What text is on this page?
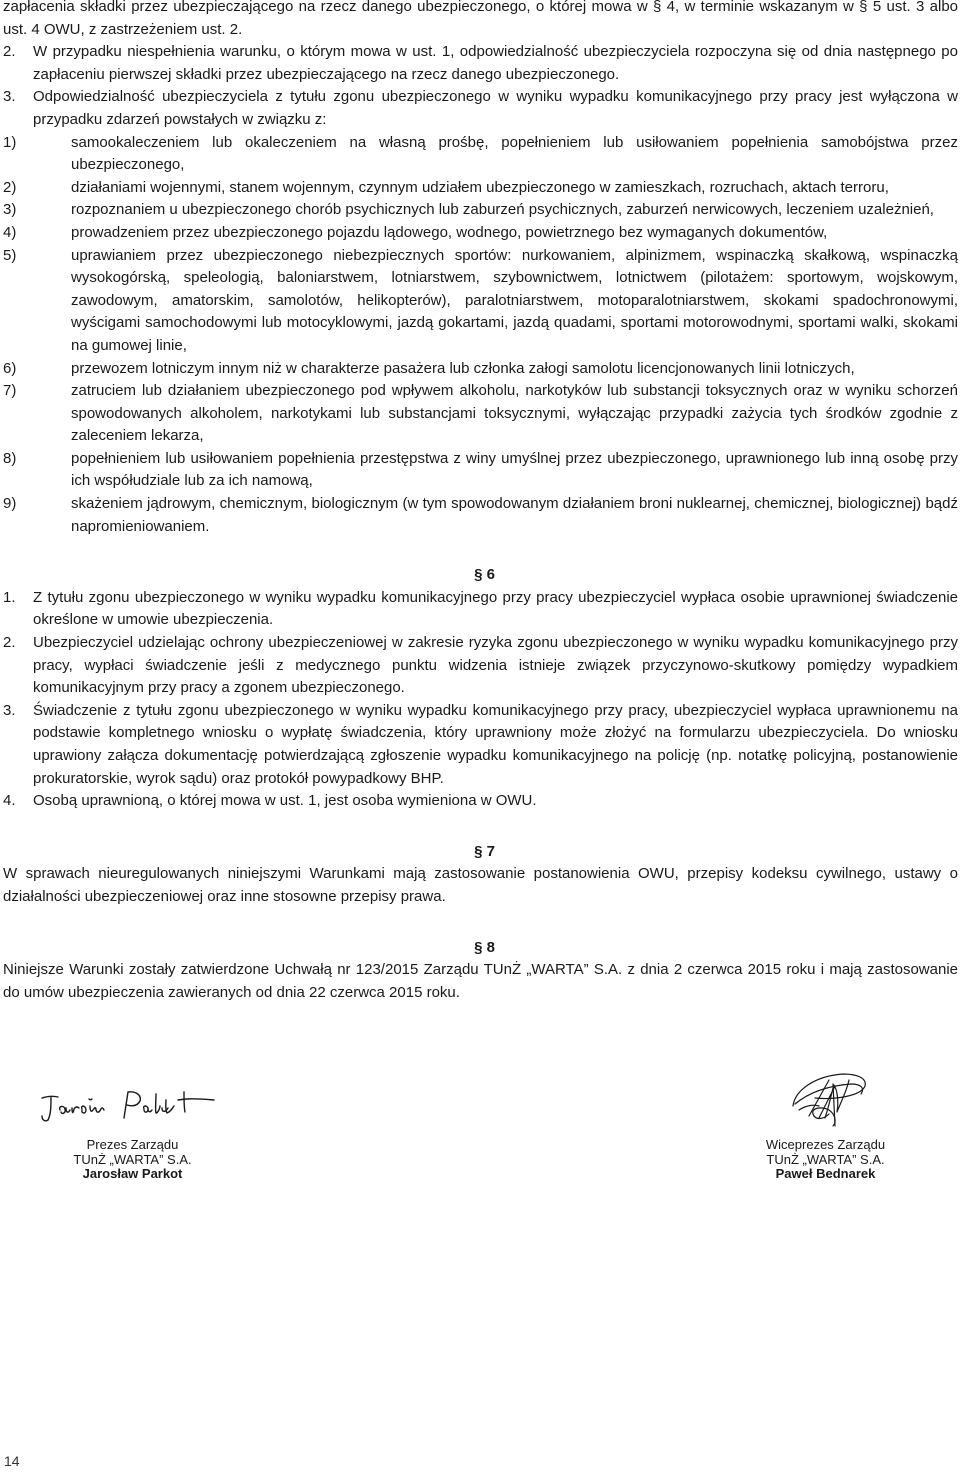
zapłacenia składki przez ubezpieczającego na rzecz danego ubezpieczonego, o której mowa w § 4, w terminie wskazanym w § 5 ust. 3 albo ust. 4 OWU, z zastrzeżeniem ust. 2.

2.	W przypadku niespełnienia warunku, o którym mowa w ust. 1, odpowiedzialność ubezpieczyciela rozpoczyna się od dnia następnego po zapłaceniu pierwszej składki przez ubezpieczającego na rzecz danego ubezpieczonego.
3.	Odpowiedzialność ubezpieczyciela z tytułu zgonu ubezpieczonego w wyniku wypadku komunikacyjnego przy pracy jest wyłączona w przypadku zdarzeń powstałych w związku z:
1)	samookaleczeniem lub okaleczeniem na własną prośbę, popełnieniem lub usiłowaniem popełnienia samobójstwa przez ubezpieczonego,
2)	działaniami wojennymi, stanem wojennym, czynnym udziałem ubezpieczonego w zamieszkach, rozruchach, aktach terroru,
3)	rozpoznaniem u ubezpieczonego chorób psychicznych lub zaburzeń psychicznych, zaburzeń nerwicowych, leczeniem uzależnień,
4)	prowadzeniem przez ubezpieczonego pojazdu lądowego, wodnego, powietrznego bez wymaganych dokumentów,
5)	uprawianiem przez ubezpieczonego niebezpiecznych sportów: nurkowaniem, alpinizmem, wspinaczką skałkową, wspinaczką wysokogórską, speleologią, baloniarstwem, lotniarstwem, szybownictwem, lotnictwem (pilotażem: sportowym, wojskowym, zawodowym, amatorskim, samolotów, helikopterów), paralotniarstwem, motoparalotniarstwem, skokami spadochronowymi, wyścigami samochodowymi lub motocyklowymi, jazdą gokartami, jazdą quadami, sportami motorowodnymi, sportami walki, skokami na gumowej linie,
6)	przewozem lotniczym innym niż w charakterze pasażera lub członka załogi samolotu licencjonowanych linii lotniczych,
7)	zatruciem lub działaniem ubezpieczonego pod wpływem alkoholu, narkotyków lub substancji toksycznych oraz w wyniku schorzeń spowodowanych alkoholem, narkotykami lub substancjami toksycznymi, wyłączając przypadki zażycia tych środków zgodnie z zaleceniem lekarza,
8)	popełnieniem lub usiłowaniem popełnienia przestępstwa z winy umyślnej przez ubezpieczonego, uprawnionego lub inną osobę przy ich współudziale lub za ich namową,
9)	skażeniem jądrowym, chemicznym, biologicznym (w tym spowodowanym działaniem broni nuklearnej, chemicznej, biologicznej) bądź napromieniowaniem.

§ 6

1.	Z tytułu zgonu ubezpieczonego w wyniku wypadku komunikacyjnego przy pracy ubezpieczyciel wypłaca osobie uprawnionej świadczenie określone w umowie ubezpieczenia.
2.	Ubezpieczyciel udzielając ochrony ubezpieczeniowej w zakresie ryzyka zgonu ubezpieczonego w wyniku wypadku komunikacyjnego przy pracy, wypłaci świadczenie jeśli z medycznego punktu widzenia istnieje związek przyczynowo-skutkowy pomiędzy wypadkiem komunikacyjnym przy pracy a zgonem ubezpieczonego.
3.	Świadczenie z tytułu zgonu ubezpieczonego w wyniku wypadku komunikacyjnego przy pracy, ubezpieczyciel wypłaca uprawnionemu na podstawie kompletnego wniosku o wypłatę świadczenia, który uprawniony może złożyć na formularzu ubezpieczyciela. Do wniosku uprawiony załącza dokumentację potwierdzającą zgłoszenie wypadku komunikacyjnego na policję (np. notatkę policyjną, postanowienie prokuratorskie, wyrok sądu) oraz protokół powypadkowy BHP.
4.	Osobą uprawnioną, o której mowa w ust. 1, jest osoba wymieniona w OWU.

§ 7

W sprawach nieuregulowanych niniejszymi Warunkami mają zastosowanie postanowienia OWU, przepisy kodeksu cywilnego, ustawy o działalności ubezpieczeniowej oraz inne stosowne przepisy prawa.

§ 8

Niniejsze Warunki zostały zatwierdzone Uchwałą nr 123/2015 Zarządu TUnŻ „WARTA” S.A. z dnia 2 czerwca 2015 roku i mają zastosowanie do umów ubezpieczenia zawieranych od dnia 22 czerwca 2015 roku.

Prezes Zarządu
TUnŻ „WARTA” S.A.
Jarosław Parkot
Wiceprezes Zarządu
TUnŻ „WARTA” S.A.
Paweł Bednarek
14
